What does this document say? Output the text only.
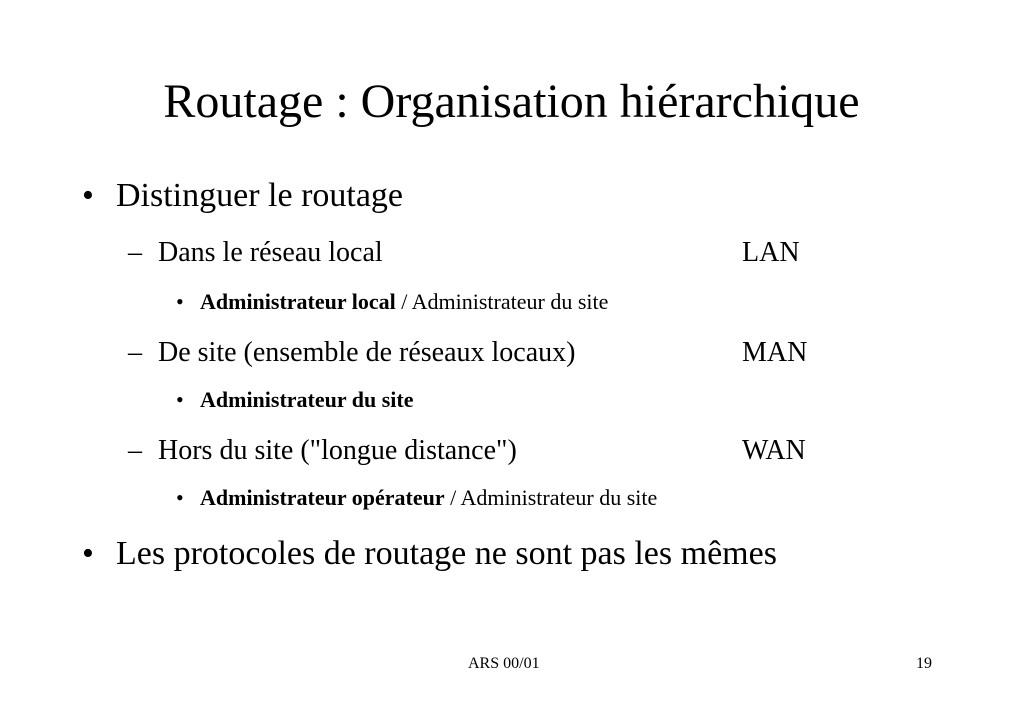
Routage : Organisation hiérarchique
• Distinguer le routage
– Dans le réseau local	LAN
• Administrateur local / Administrateur du site
– De site (ensemble de réseaux locaux)	MAN
• Administrateur du site
– Hors du site ("longue distance")	WAN
• Administrateur opérateur / Administrateur du site
• Les protocoles de routage ne sont pas les mêmes
ARS 00/01	19
